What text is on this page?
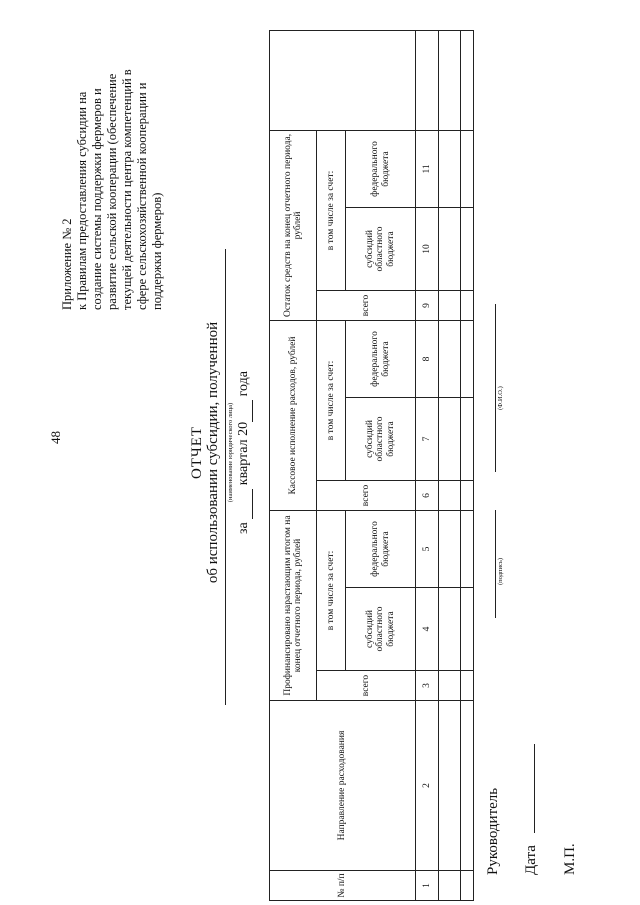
48
Приложение № 2 к Правилам предоставления субсидии на создание системы поддержки фермеров и развитие сельской кооперации (обеспечение текущей деятельности центра компетенций в сфере сельскохозяйственной кооперации и поддержки фермеров)
ОТЧЕТ об использовании субсидии, полученной (наименование юридического лица)
за   квартал 20  года
№ п/п	Направление расходования	Профинансировано нарастающим итогом на конец отчетного периода, рублей			Кассовое исполнение расходов, рублей			Остаток средств на конец отчетного периода, рублей			
		всего	в том числе за счет:		всего	в том числе за счет:		всего	в том числе за счет:		
			субсидий областного бюджета	федерального бюджета		субсидий областного бюджета	федерального бюджета		субсидий областного бюджета	федерального бюджета	
1	2	3	4	5	6	7	8	9	10	11	

Руководитель
(подпись)
(Ф.И.О.)
Дата М.П.
